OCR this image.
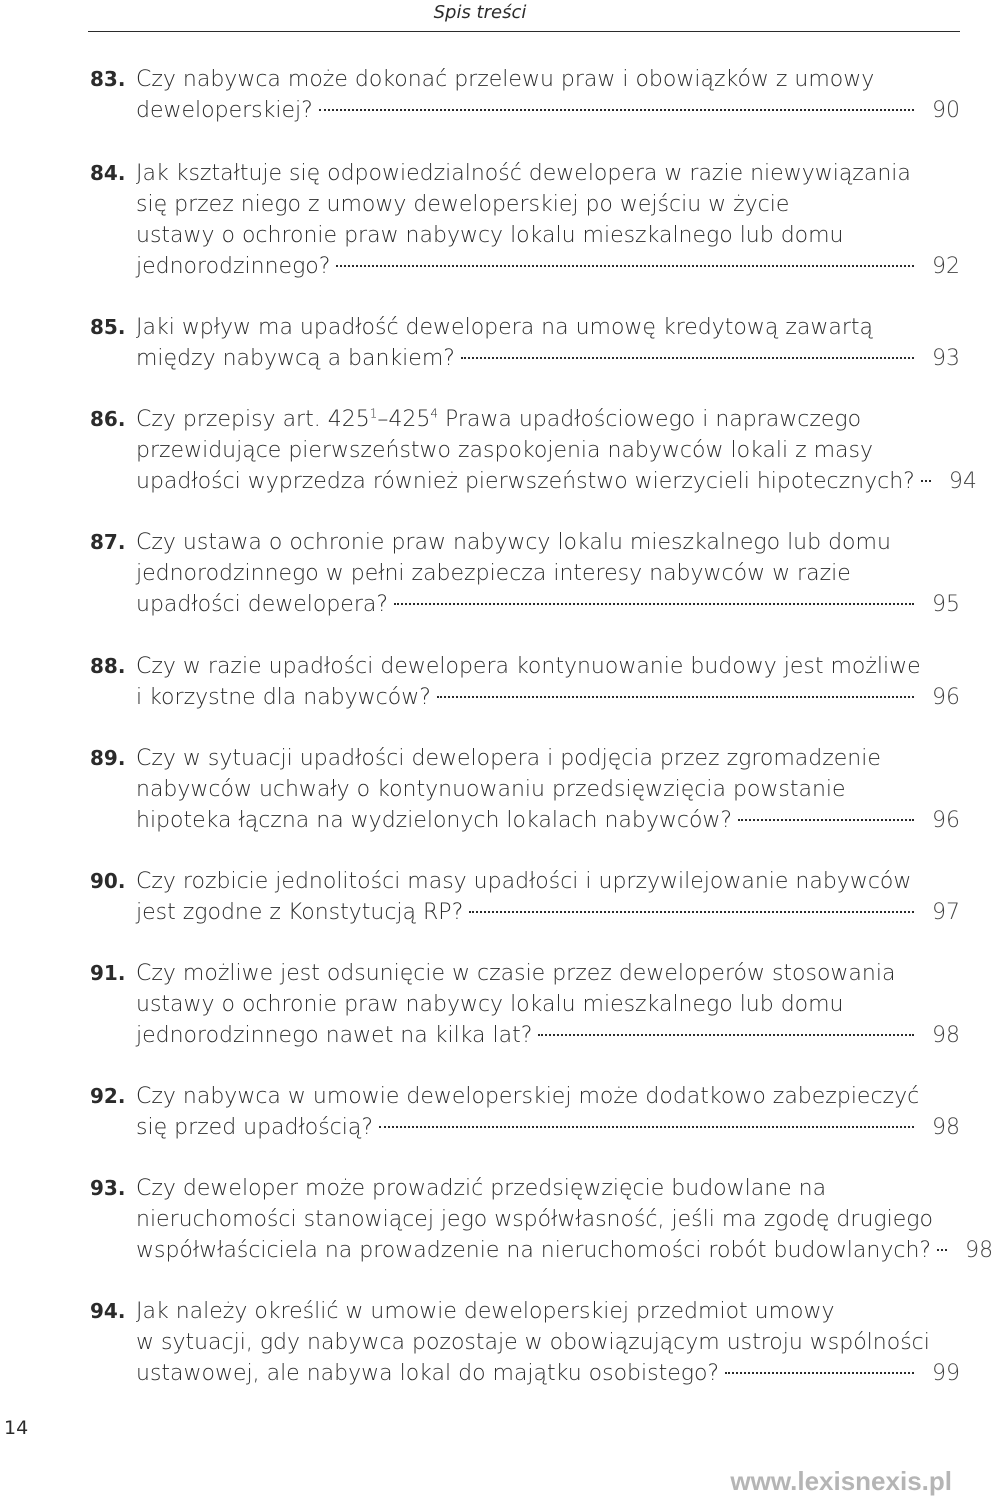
Spis treści
83. Czy nabywca może dokonać przelewu praw i obowiązków z umowy
deweloperskiej?	90
84. Jak kształtuje się odpowiedzialność dewelopera w razie niewywiązania
się przez niego z umowy deweloperskiej po wejściu w życie
ustawy o ochronie praw nabywcy lokalu mieszkalnego lub domu
jednorodzinnego?	92
85. Jaki wpływ ma upadłość dewelopera na umowę kredytową zawartą
między nabywcą a bankiem?	93
86. Czy przepisy art. $425^1-425^4$ Prawa upadłościowego i naprawczego
przewidujące pierwszeństwo zaspokojenia nabywców lokali z masy
upadłości wyprzedza również pierwszeństwo wierzycieli hipotecznych? 94
87. Czy ustawa o ochronie praw nabywcy lokalu mieszkalnego lub domu
jednorodzinnego w pełni zabezpiecza interesy nabywców w razie
upadłości dewelopera?	95
88. Czy w razie upadłości dewelopera kontynuowanie budowy jest możliwe
i korzystne dla nabywców?	96
89. Czy w sytuacji upadłości dewelopera i podjęcia przez zgromadzenie
nabywców uchwały o kontynuowaniu przedsięwzięcia powstanie
hipoteka łączna na wydzielonych lokalach nabywców?	96
90. Czy rozbicie jednolitości masy upadłości i uprzywilejowanie nabywców
jest zgodne z Konstytucją RP?	97
91. Czy możliwe jest odsunięcie w czasie przez deweloperów stosowania
ustawy o ochronie praw nabywcy lokalu mieszkalnego lub domu
jednorodzinnego nawet na kilka lat?	98
92. Czy nabywca w umowie deweloperskiej może dodatkowo zabezpieczyć
się przed upadłością?	98
93. Czy deweloper może prowadzić przedsięwzięcie budowlane na
nieruchomości stanowiącej jego współwłasność, jeśli ma zgodę drugiego
współwłaściciela na prowadzenie na nieruchomości robót budowlanych? 98
94. Jak należy określić w umowie deweloperskiej przedmiot umowy
w sytuacji, gdy nabywca pozostaje w obowiązującym ustroju wspólności
ustawowej, ale nabywa lokal do majątku osobistego?	99
14
www.lexisnexis.pl
